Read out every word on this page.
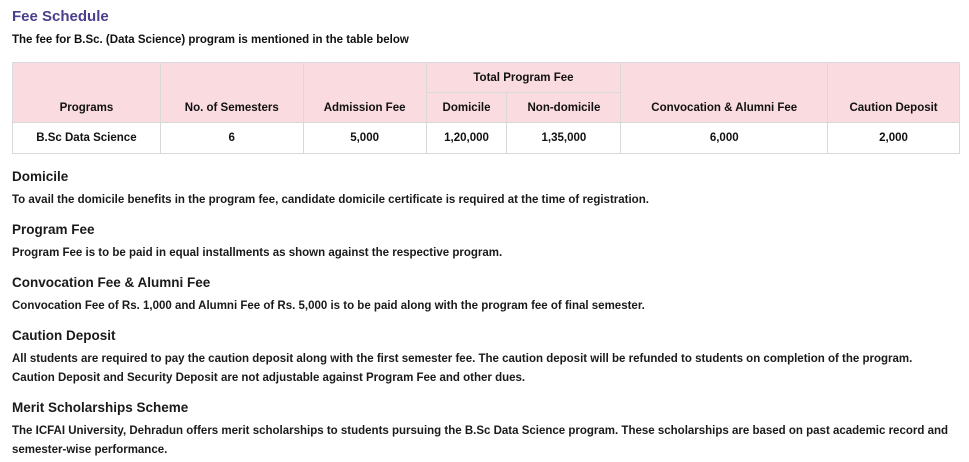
Fee Schedule
The fee for B.Sc. (Data Science) program is mentioned in the table below
Programs	No. of Semesters	Admission Fee	Total Program Fee		Convocation & Alumni Fee	Caution Deposit
			Domicile	Non-domicile		
B.Sc Data Science	6	5,000	1,20,000	1,35,000	6,000	2,000
Domicile

To avail the domicile benefits in the program fee, candidate domicile certificate is required at the time of registration.

Program Fee

Program Fee is to be paid in equal installments as shown against the respective program.

Convocation Fee & Alumni Fee

Convocation Fee of Rs. 1,000 and Alumni Fee of Rs. 5,000 is to be paid along with the program fee of final semester.

Caution Deposit

All students are required to pay the caution deposit along with the first semester fee. The caution deposit will be refunded to students on completion of the program. Caution Deposit and Security Deposit are not adjustable against Program Fee and other dues.

Merit Scholarships Scheme

The ICFAI University, Dehradun offers merit scholarships to students pursuing the B.Sc Data Science program. These scholarships are based on past academic record and semester-wise performance.
